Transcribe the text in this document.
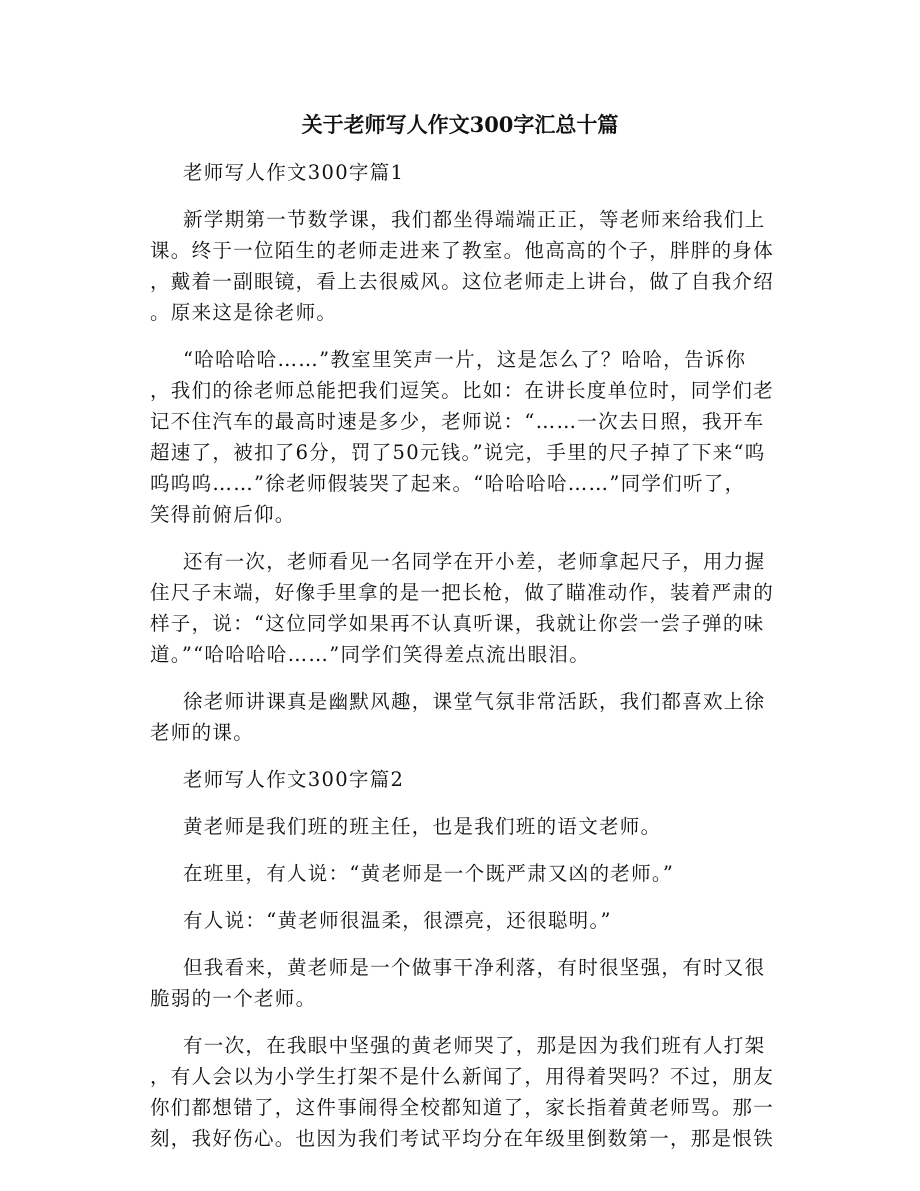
关于老师写人作文300字汇总十篇
老师写人作文300字篇1
新学期第一节数学课，我们都坐得端端正正，等老师来给我们上
课。终于一位陌生的老师走进来了教室。他高高的个子，胖胖的身体
，戴着一副眼镜，看上去很威风。这位老师走上讲台，做了自我介绍
。原来这是徐老师。
“哈哈哈哈……”教室里笑声一片，这是怎么了？哈哈，告诉你
，我们的徐老师总能把我们逗笑。比如：在讲长度单位时，同学们老
记不住汽车的最高时速是多少，老师说：“……一次去日照，我开车
超速了，被扣了6分，罚了50元钱。”说完，手里的尺子掉了下来“呜
呜呜呜……”徐老师假装哭了起来。“哈哈哈哈……”同学们听了，
笑得前俯后仰。
还有一次，老师看见一名同学在开小差，老师拿起尺子，用力握
住尺子末端，好像手里拿的是一把长枪，做了瞄准动作，装着严肃的
样子，说：“这位同学如果再不认真听课，我就让你尝一尝子弹的味
道。”“哈哈哈哈……”同学们笑得差点流出眼泪。
徐老师讲课真是幽默风趣，课堂气氛非常活跃，我们都喜欢上徐
老师的课。
老师写人作文300字篇2
黄老师是我们班的班主任，也是我们班的语文老师。
在班里，有人说：“黄老师是一个既严肃又凶的老师。”
有人说：“黄老师很温柔，很漂亮，还很聪明。”
但我看来，黄老师是一个做事干净利落，有时很坚强，有时又很
脆弱的一个老师。
有一次，在我眼中坚强的黄老师哭了，那是因为我们班有人打架
，有人会以为小学生打架不是什么新闻了，用得着哭吗？不过，朋友
你们都想错了，这件事闹得全校都知道了，家长指着黄老师骂。那一
刻，我好伤心。也因为我们考试平均分在年级里倒数第一，那是恨铁
